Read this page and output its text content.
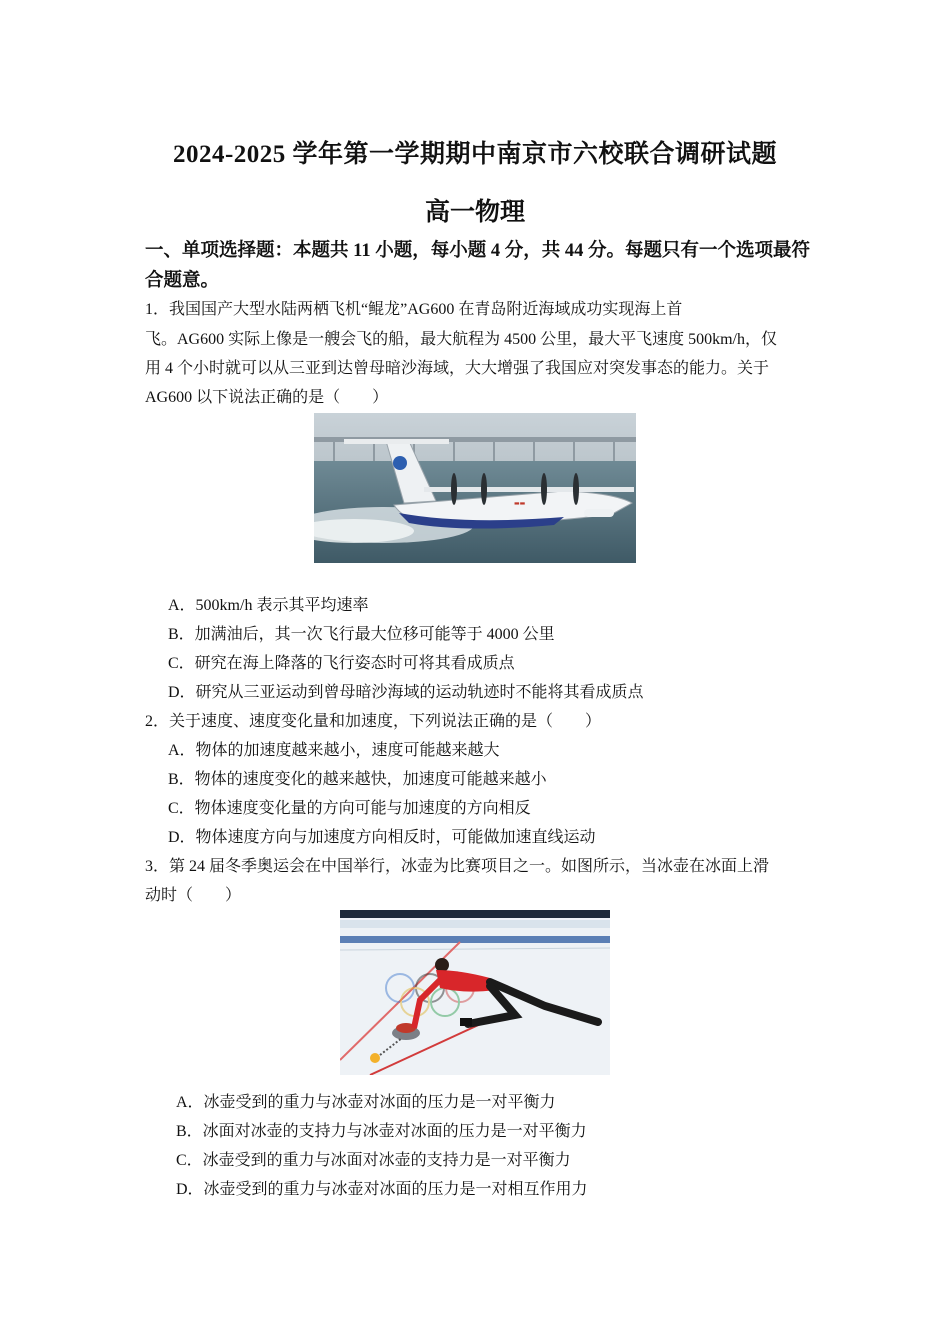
2024-2025 学年第一学期期中南京市六校联合调研试题
高一物理
一、单项选择题：本题共 11 小题，每小题 4 分，共 44 分。每题只有一个选项最符合题意。
1．我国国产大型水陆两栖飞机“鲲龙”AG600 在青岛附近海域成功实现海上首
飞。AG600 实际上像是一艘会飞的船，最大航程为 4500 公里，最大平飞速度 500km/h，仅
用 4 个小时就可以从三亚到达曾母暗沙海域，大大增强了我国应对突发事态的能力。关于
AG600 以下说法正确的是（　　）
▬▬
A．500km/h 表示其平均速率
B．加满油后，其一次飞行最大位移可能等于 4000 公里
C．研究在海上降落的飞行姿态时可将其看成质点
D．研究从三亚运动到曾母暗沙海域的运动轨迹时不能将其看成质点
2．关于速度、速度变化量和加速度，下列说法正确的是（　　）
A．物体的加速度越来越小，速度可能越来越大
B．物体的速度变化的越来越快，加速度可能越来越小
C．物体速度变化量的方向可能与加速度的方向相反
D．物体速度方向与加速度方向相反时，可能做加速直线运动
3．第 24 届冬季奥运会在中国举行，冰壶为比赛项目之一。如图所示，当冰壶在冰面上滑
动时（　　）
A．冰壶受到的重力与冰壶对冰面的压力是一对平衡力
B．冰面对冰壶的支持力与冰壶对冰面的压力是一对平衡力
C．冰壶受到的重力与冰面对冰壶的支持力是一对平衡力
D．冰壶受到的重力与冰壶对冰面的压力是一对相互作用力
